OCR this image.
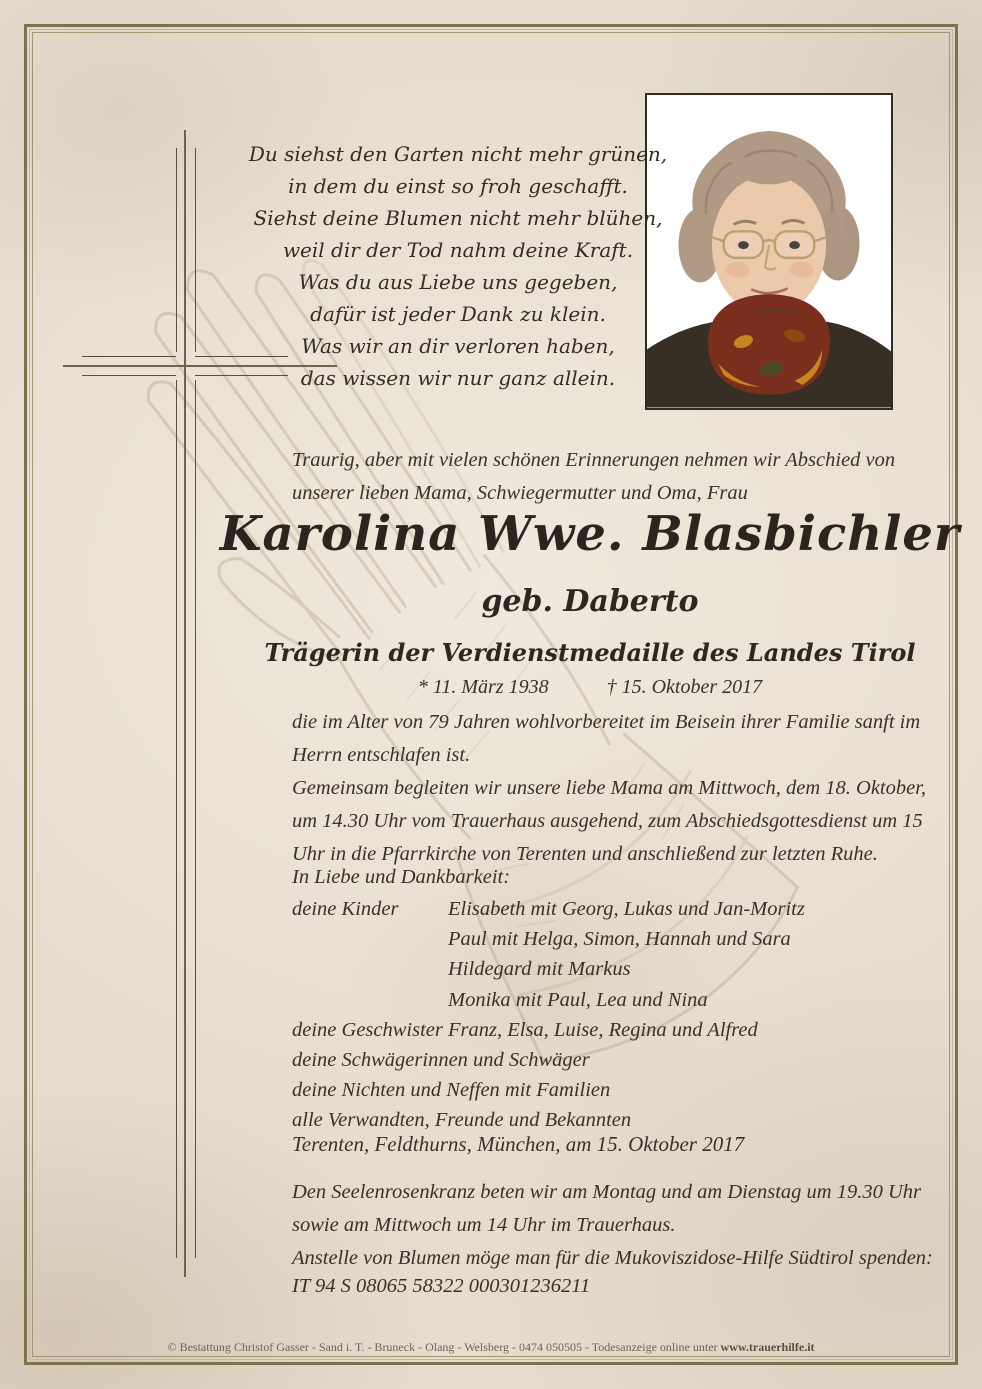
Du siehst den Garten nicht mehr grünen,
in dem du einst so froh geschafft.
Siehst deine Blumen nicht mehr blühen,
weil dir der Tod nahm deine Kraft.
Was du aus Liebe uns gegeben,
dafür ist jeder Dank zu klein.
Was wir an dir verloren haben,
das wissen wir nur ganz allein.
Traurig, aber mit vielen schönen Erinnerungen nehmen wir Abschied von unserer lieben Mama, Schwiegermutter und Oma, Frau
Karolina Wwe. Blasbichler
geb. Daberto
Trägerin der Verdienstmedaille des Landes Tirol
* 11. März 1938	† 15. Oktober 2017
die im Alter von 79 Jahren wohlvorbereitet im Beisein ihrer Familie sanft im Herrn entschlafen ist.
Gemeinsam begleiten wir unsere liebe Mama am Mittwoch, dem 18. Oktober, um 14.30 Uhr vom Trauerhaus ausgehend, zum Abschiedsgottesdienst um 15 Uhr in die Pfarrkirche von Terenten und anschließend zur letzten Ruhe.
In Liebe und Dankbarkeit:
deine Kinder Elisabeth mit Georg, Lukas und Jan-Moritz
Paul mit Helga, Simon, Hannah und Sara
Hildegard mit Markus
Monika mit Paul, Lea und Nina
deine Geschwister Franz, Elsa, Luise, Regina und Alfred
deine Schwägerinnen und Schwäger
deine Nichten und Neffen mit Familien
alle Verwandten, Freunde und Bekannten
Terenten, Feldthurns, München, am 15. Oktober 2017
Den Seelenrosenkranz beten wir am Montag und am Dienstag um 19.30 Uhr sowie am Mittwoch um 14 Uhr im Trauerhaus.
Anstelle von Blumen möge man für die Mukoviszidose-Hilfe Südtirol spenden:
IT 94 S 08065 58322 000301236211
© Bestattung Christof Gasser - Sand i. T. - Bruneck - Olang - Welsberg - 0474 050505 - Todesanzeige online unter www.trauerhilfe.it
